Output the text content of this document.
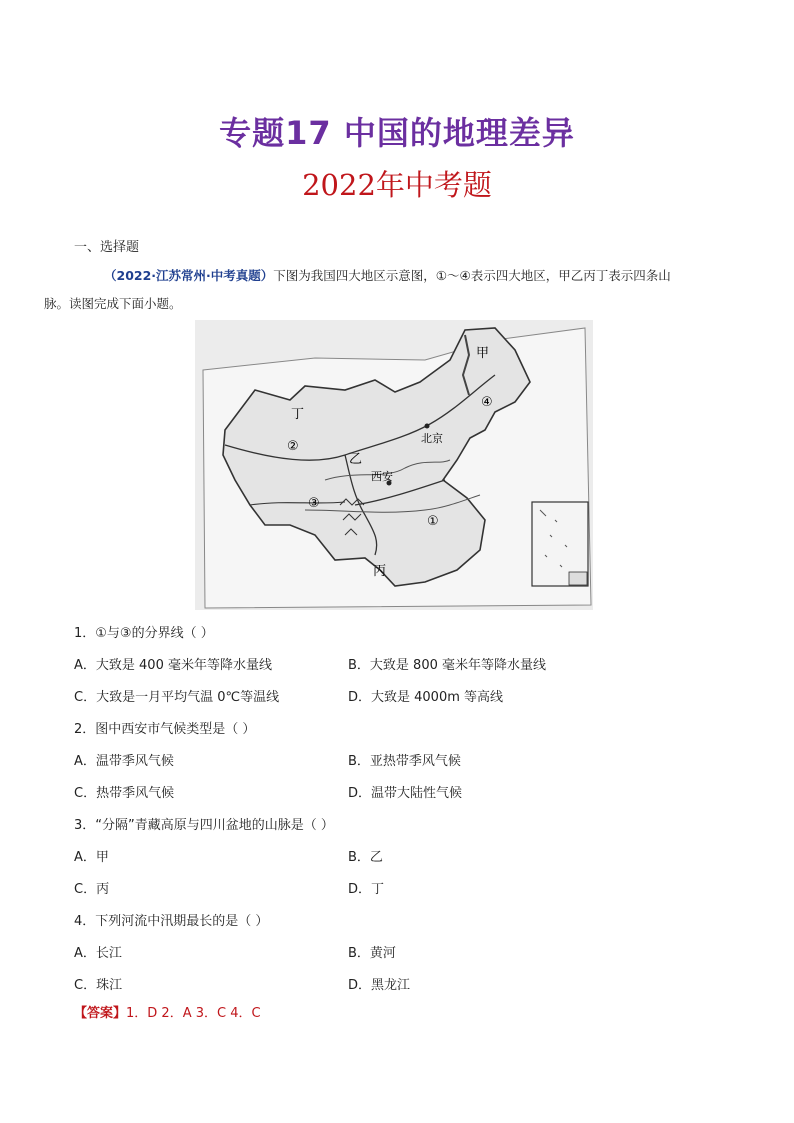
专题17 中国的地理差异
2022年中考题
一、选择题
（2022·江苏常州·中考真题）下图为我国四大地区示意图，①～④表示四大地区，甲乙丙丁表示四条山
脉。读图完成下面小题。
甲
乙
丙
丁
①
②
③
④
北京
西安
1．①与③的分界线（ ）
A．大致是 400 毫米年等降水量线	B．大致是 800 毫米年等降水量线
C．大致是一月平均气温 0℃等温线	D．大致是 4000m 等高线
2．图中西安市气候类型是（ ）
A．温带季风气候	B．亚热带季风气候
C．热带季风气候	D．温带大陆性气候
3．“分隔”青藏高原与四川盆地的山脉是（ ）
A．甲	B．乙
C．丙	D．丁
4．下列河流中汛期最长的是（ ）
A．长江	B．黄河
C．珠江	D．黑龙江
【答案】1．D 2．A 3．C 4．C
